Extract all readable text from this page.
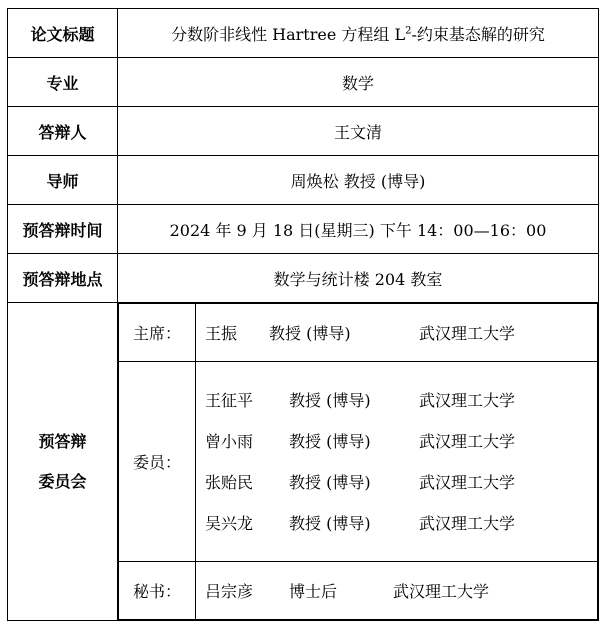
论文标题	分数阶非线性 Hartree 方程组 $L^2-$约束基态解的研究
专业	数学
答辩人	王文清
导师	周焕松 教授 (博导)
预答辩时间	2024 年 9 月 18 日(星期三) 下午 14：00—16：00
预答辩地点	数学与统计楼 204 教室

预答辩
委员会

主席：	王振	教授 (博导)	武汉理工大学

委员：	
王征平	教授 (博导)	武汉理工大学
曾小雨	教授 (博导)	武汉理工大学
张贻民	教授 (博导)	武汉理工大学
吴兴龙	教授 (博导)	武汉理工大学

秘书：	吕宗彦	博士后	武汉理工大学
